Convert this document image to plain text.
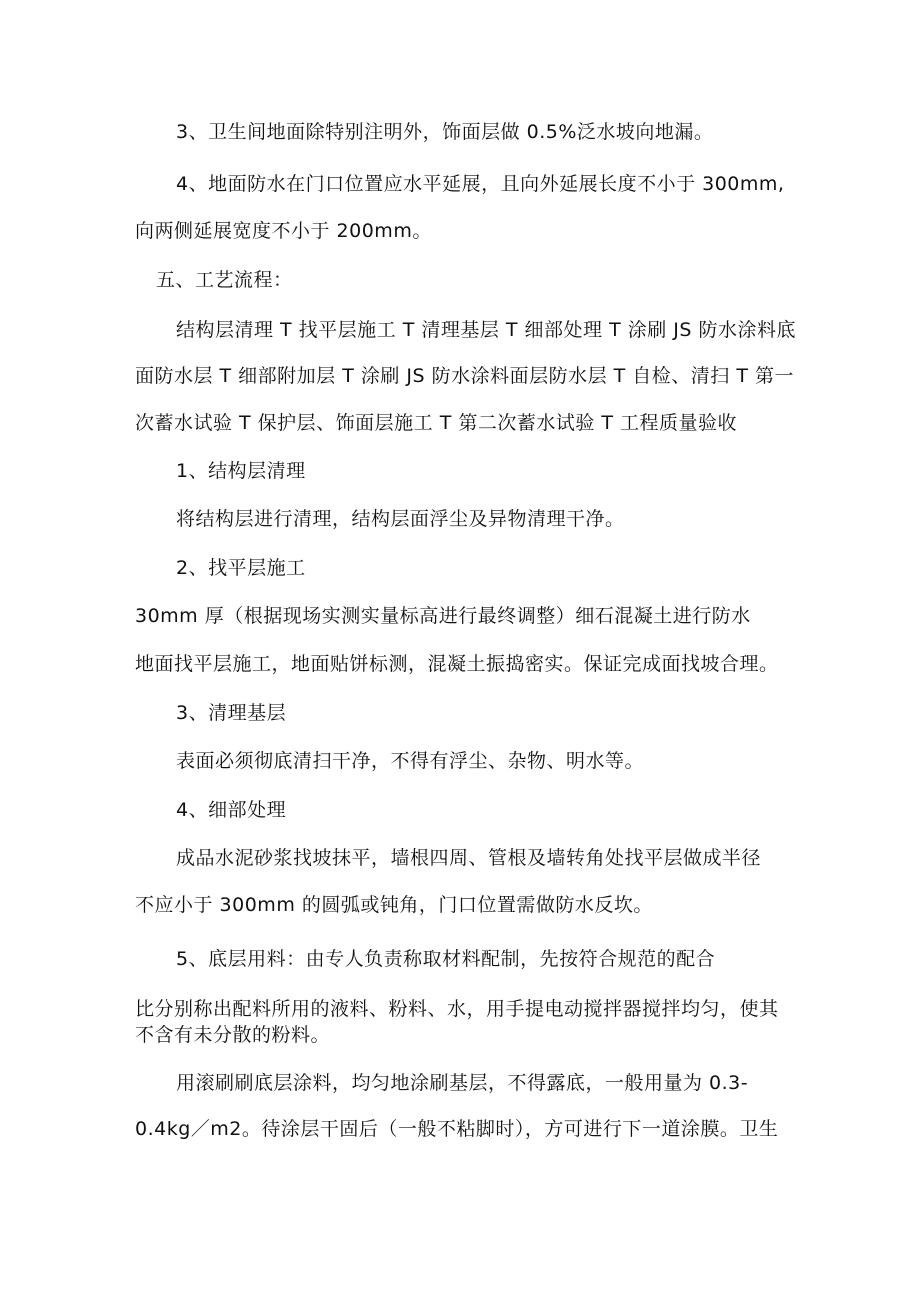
3、卫生间地面除特别注明外，饰面层做 0.5%泛水坡向地漏。
4、地面防水在门口位置应水平延展，且向外延展长度不小于 300mm,
向两侧延展宽度不小于 200mm。
五、工艺流程：
结构层清理 T 找平层施工 T 清理基层 T 细部处理 T 涂刷 JS 防水涂料底
面防水层 T 细部附加层 T 涂刷 JS 防水涂料面层防水层 T 自检、清扫 T 第一
次蓄水试验 T 保护层、饰面层施工 T 第二次蓄水试验 T 工程质量验收
1、结构层清理
将结构层进行清理，结构层面浮尘及异物清理干净。
2、找平层施工
30mm 厚（根据现场实测实量标高进行最终调整）细石混凝土进行防水
地面找平层施工，地面贴饼标测，混凝土振捣密实。保证完成面找坡合理。
3、清理基层
表面必须彻底清扫干净，不得有浮尘、杂物、明水等。
4、细部处理
成品水泥砂浆找坡抹平，墙根四周、管根及墙转角处找平层做成半径
不应小于 300mm 的圆弧或钝角，门口位置需做防水反坎。
5、底层用料：由专人负责称取材料配制，先按符合规范的配合
比分别称出配料所用的液料、粉料、水，用手提电动搅拌器搅拌均匀，使其
不含有未分散的粉料。
用滚刷刷底层涂料，均匀地涂刷基层，不得露底，一般用量为 0.3-
0.4kg／m2。待涂层干固后（一般不粘脚时），方可进行下一道涂膜。卫生
